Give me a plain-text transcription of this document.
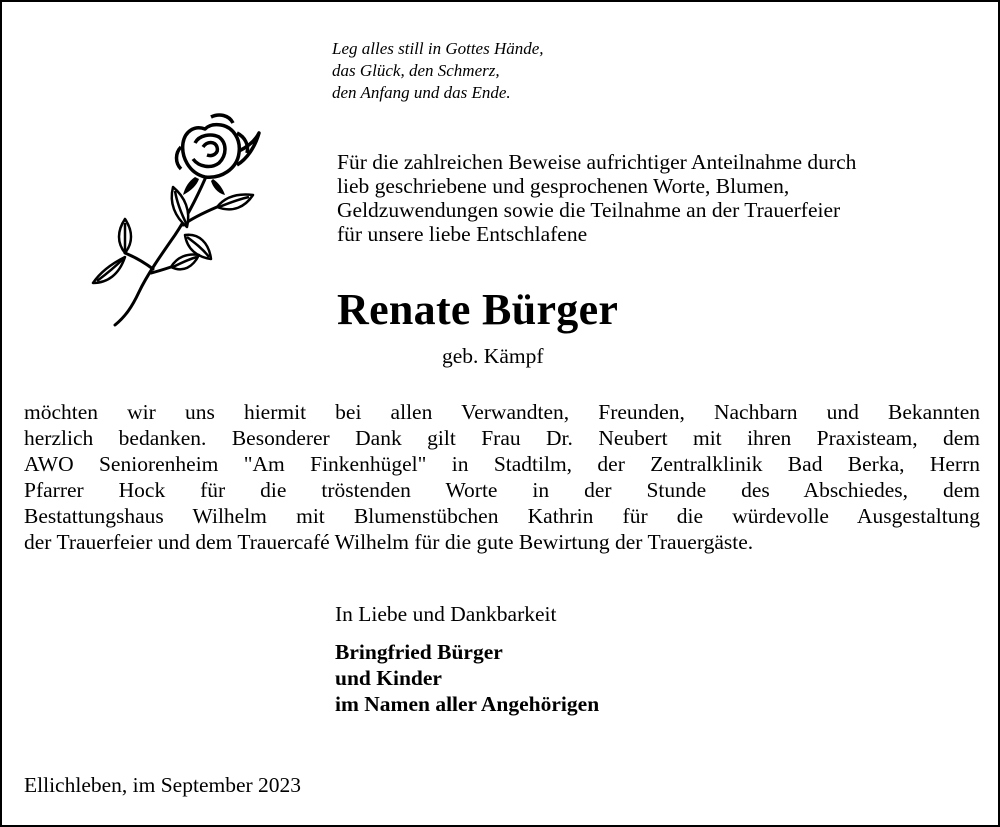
Leg alles still in Gottes Hände,
das Glück, den Schmerz,
den Anfang und das Ende.
Für die zahlreichen Beweise aufrichtiger Anteilnahme durch
lieb geschriebene und gesprochenen Worte, Blumen,
Geldzuwendungen sowie die Teilnahme an der Trauerfeier
für unsere liebe Entschlafene
Renate Bürger
geb. Kämpf
möchten wir uns hiermit bei allen Verwandten, Freunden, Nachbarn und Bekannten
herzlich bedanken. Besonderer Dank gilt Frau Dr. Neubert mit ihren Praxisteam, dem
AWO Seniorenheim "Am Finkenhügel" in Stadtilm, der Zentralklinik Bad Berka, Herrn
Pfarrer Hock für die tröstenden Worte in der Stunde des Abschiedes, dem
Bestattungshaus Wilhelm mit Blumenstübchen Kathrin für die würdevolle Ausgestaltung
der Trauerfeier und dem Trauercafé Wilhelm für die gute Bewirtung der Trauergäste.
In Liebe und Dankbarkeit
Bringfried Bürger
und Kinder
im Namen aller Angehörigen
Ellichleben, im September 2023
